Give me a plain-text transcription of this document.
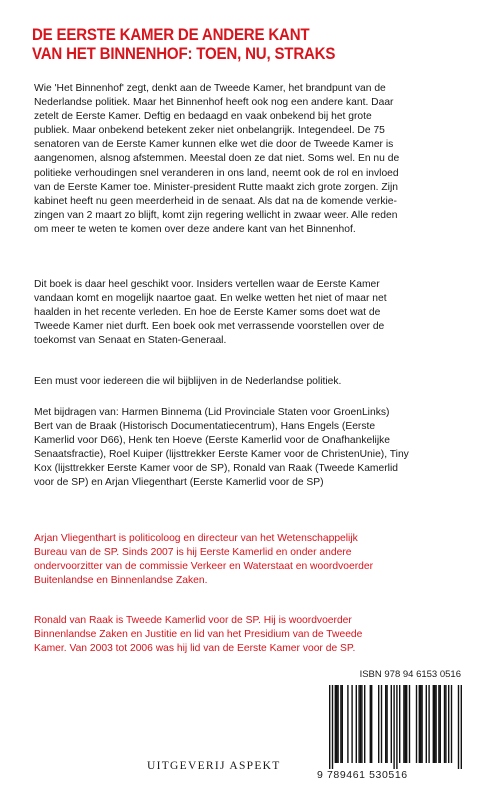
DE EERSTE KAMER DE ANDERE KANT
VAN HET BINNENHOF: TOEN, NU, STRAKS
Wie 'Het Binnenhof' zegt, denkt aan de Tweede Kamer, het brandpunt van de
Nederlandse politiek. Maar het Binnenhof heeft ook nog een andere kant. Daar
zetelt de Eerste Kamer. Deftig en bedaagd en vaak onbekend bij het grote
publiek. Maar onbekend betekent zeker niet onbelangrijk. Integendeel. De 75
senatoren van de Eerste Kamer kunnen elke wet die door de Tweede Kamer is
aangenomen, alsnog afstemmen. Meestal doen ze dat niet. Soms wel. En nu de
politieke verhoudingen snel veranderen in ons land, neemt ook de rol en invloed
van de Eerste Kamer toe. Minister-president Rutte maakt zich grote zorgen. Zijn
kabinet heeft nu geen meerderheid in de senaat. Als dat na de komende verkie-
zingen van 2 maart zo blijft, komt zijn regering wellicht in zwaar weer. Alle reden
om meer te weten te komen over deze andere kant van het Binnenhof.
Dit boek is daar heel geschikt voor. Insiders vertellen waar de Eerste Kamer
vandaan komt en mogelijk naartoe gaat. En welke wetten het niet of maar net
haalden in het recente verleden. En hoe de Eerste Kamer soms doet wat de
Tweede Kamer niet durft. Een boek ook met verrassende voorstellen over de
toekomst van Senaat en Staten-Generaal.
Een must voor iedereen die wil bijblijven in de Nederlandse politiek.
Met bijdragen van: Harmen Binnema (Lid Provinciale Staten voor GroenLinks)
Bert van de Braak (Historisch Documentatiecentrum), Hans Engels (Eerste
Kamerlid voor D66), Henk ten Hoeve (Eerste Kamerlid voor de Onafhankelijke
Senaatsfractie), Roel Kuiper (lijsttrekker Eerste Kamer voor de ChristenUnie), Tiny
Kox (lijsttrekker Eerste Kamer voor de SP), Ronald van Raak (Tweede Kamerlid
voor de SP) en Arjan Vliegenthart (Eerste Kamerlid voor de SP)
Arjan Vliegenthart is politicoloog en directeur van het Wetenschappelijk
Bureau van de SP. Sinds 2007 is hij Eerste Kamerlid en onder andere
ondervoorzitter van de commissie Verkeer en Waterstaat en woordvoerder
Buitenlandse en Binnenlandse Zaken.
Ronald van Raak is Tweede Kamerlid voor de SP. Hij is woordvoerder
Binnenlandse Zaken en Justitie en lid van het Presidium van de Tweede
Kamer. Van 2003 tot 2006 was hij lid van de Eerste Kamer voor de SP.
ISBN 978 94 6153 0516
9 789461 530516
UITGEVERIJ ASPEKT
